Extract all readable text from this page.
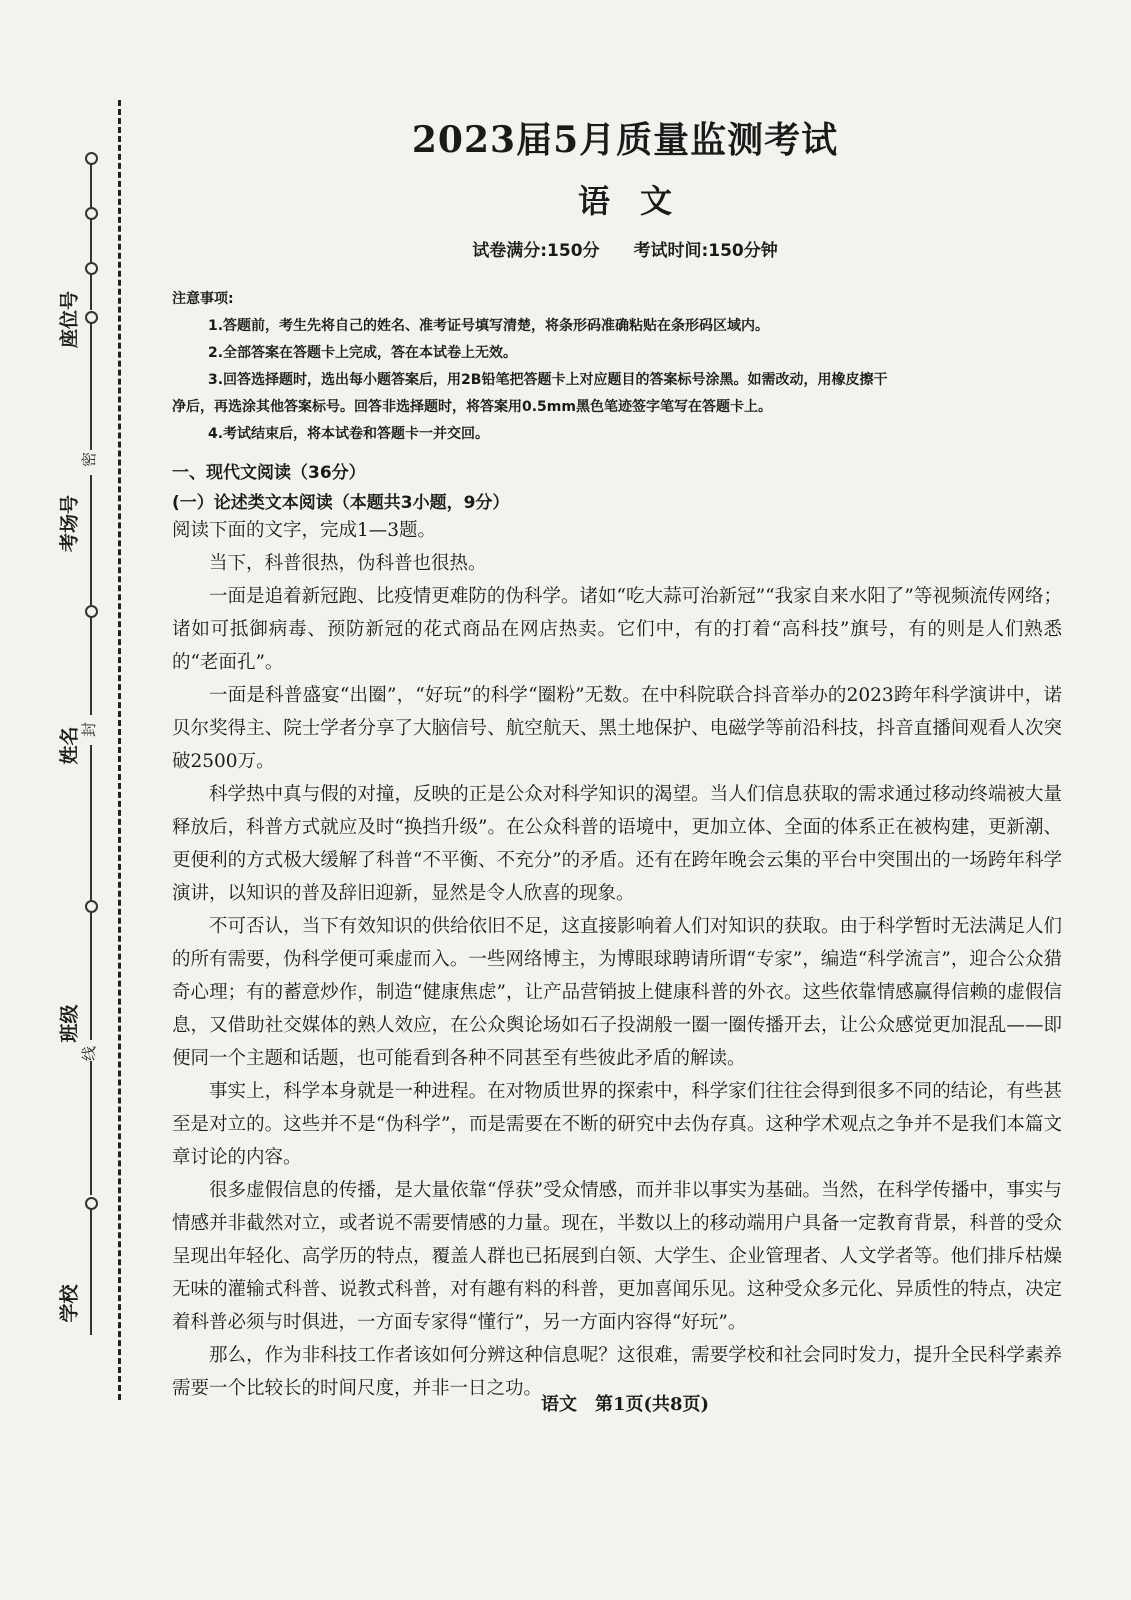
座位号
考场号
姓名
班级
学校
密
封
线
2023届5月质量监测考试
语文
试卷满分:150分 考试时间:150分钟
注意事项:
1.答题前，考生先将自己的姓名、准考证号填写清楚，将条形码准确粘贴在条形码区域内。
2.全部答案在答题卡上完成，答在本试卷上无效。
3.回答选择题时，选出每小题答案后，用2B铅笔把答题卡上对应题目的答案标号涂黑。如需改动，用橡皮擦干
净后，再选涂其他答案标号。回答非选择题时，将答案用0.5mm黑色笔迹签字笔写在答题卡上。
4.考试结束后，将本试卷和答题卡一并交回。
一、现代文阅读（36分）
(一）论述类文本阅读（本题共3小题，9分）

阅读下面的文字，完成1—3题。

当下，科普很热，伪科普也很热。

一面是追着新冠跑、比疫情更难防的伪科学。诸如“吃大蒜可治新冠”“我家自来水阳了”等视频流传网络；诸如可抵御病毒、预防新冠的花式商品在网店热卖。它们中，有的打着“高科技”旗号，有的则是人们熟悉的“老面孔”。

一面是科普盛宴“出圈”，“好玩”的科学“圈粉”无数。在中科院联合抖音举办的2023跨年科学演讲中，诺贝尔奖得主、院士学者分享了大脑信号、航空航天、黑土地保护、电磁学等前沿科技，抖音直播间观看人次突破2500万。

科学热中真与假的对撞，反映的正是公众对科学知识的渴望。当人们信息获取的需求通过移动终端被大量释放后，科普方式就应及时“换挡升级”。在公众科普的语境中，更加立体、全面的体系正在被构建，更新潮、更便利的方式极大缓解了科普“不平衡、不充分”的矛盾。还有在跨年晚会云集的平台中突围出的一场跨年科学演讲，以知识的普及辞旧迎新，显然是令人欣喜的现象。

不可否认，当下有效知识的供给依旧不足，这直接影响着人们对知识的获取。由于科学暂时无法满足人们的所有需要，伪科学便可乘虚而入。一些网络博主，为博眼球聘请所谓“专家”，编造“科学流言”，迎合公众猎奇心理；有的蓄意炒作，制造“健康焦虑”，让产品营销披上健康科普的外衣。这些依靠情感赢得信赖的虚假信息，又借助社交媒体的熟人效应，在公众舆论场如石子投湖般一圈一圈传播开去，让公众感觉更加混乱——即便同一个主题和话题，也可能看到各种不同甚至有些彼此矛盾的解读。

事实上，科学本身就是一种进程。在对物质世界的探索中，科学家们往往会得到很多不同的结论，有些甚至是对立的。这些并不是“伪科学”，而是需要在不断的研究中去伪存真。这种学术观点之争并不是我们本篇文章讨论的内容。

很多虚假信息的传播，是大量依靠“俘获”受众情感，而并非以事实为基础。当然，在科学传播中，事实与情感并非截然对立，或者说不需要情感的力量。现在，半数以上的移动端用户具备一定教育背景，科普的受众呈现出年轻化、高学历的特点，覆盖人群也已拓展到白领、大学生、企业管理者、人文学者等。他们排斥枯燥无味的灌输式科普、说教式科普，对有趣有料的科普，更加喜闻乐见。这种受众多元化、异质性的特点，决定着科普必须与时俱进，一方面专家得“懂行”，另一方面内容得“好玩”。

那么，作为非科技工作者该如何分辨这种信息呢？这很难，需要学校和社会同时发力，提升全民科学素养需要一个比较长的时间尺度，并非一日之功。

语文　第1页(共8页)
